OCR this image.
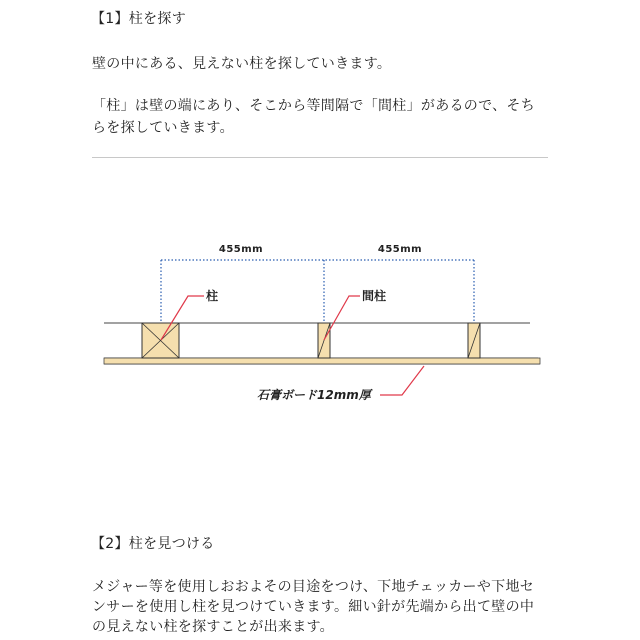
【1】柱を探す
壁の中にある、見えない柱を探していきます。
「柱」は壁の端にあり、そこから等間隔で「間柱」があるので、そち
らを探していきます。
455mm	455mm
柱	間柱
石膏ボード12mm厚
【2】柱を見つける
メジャー等を使用しおおよその目途をつけ、下地チェッカーや下地セ
ンサーを使用し柱を見つけていきます。細い針が先端から出て壁の中
の見えない柱を探すことが出来ます。
